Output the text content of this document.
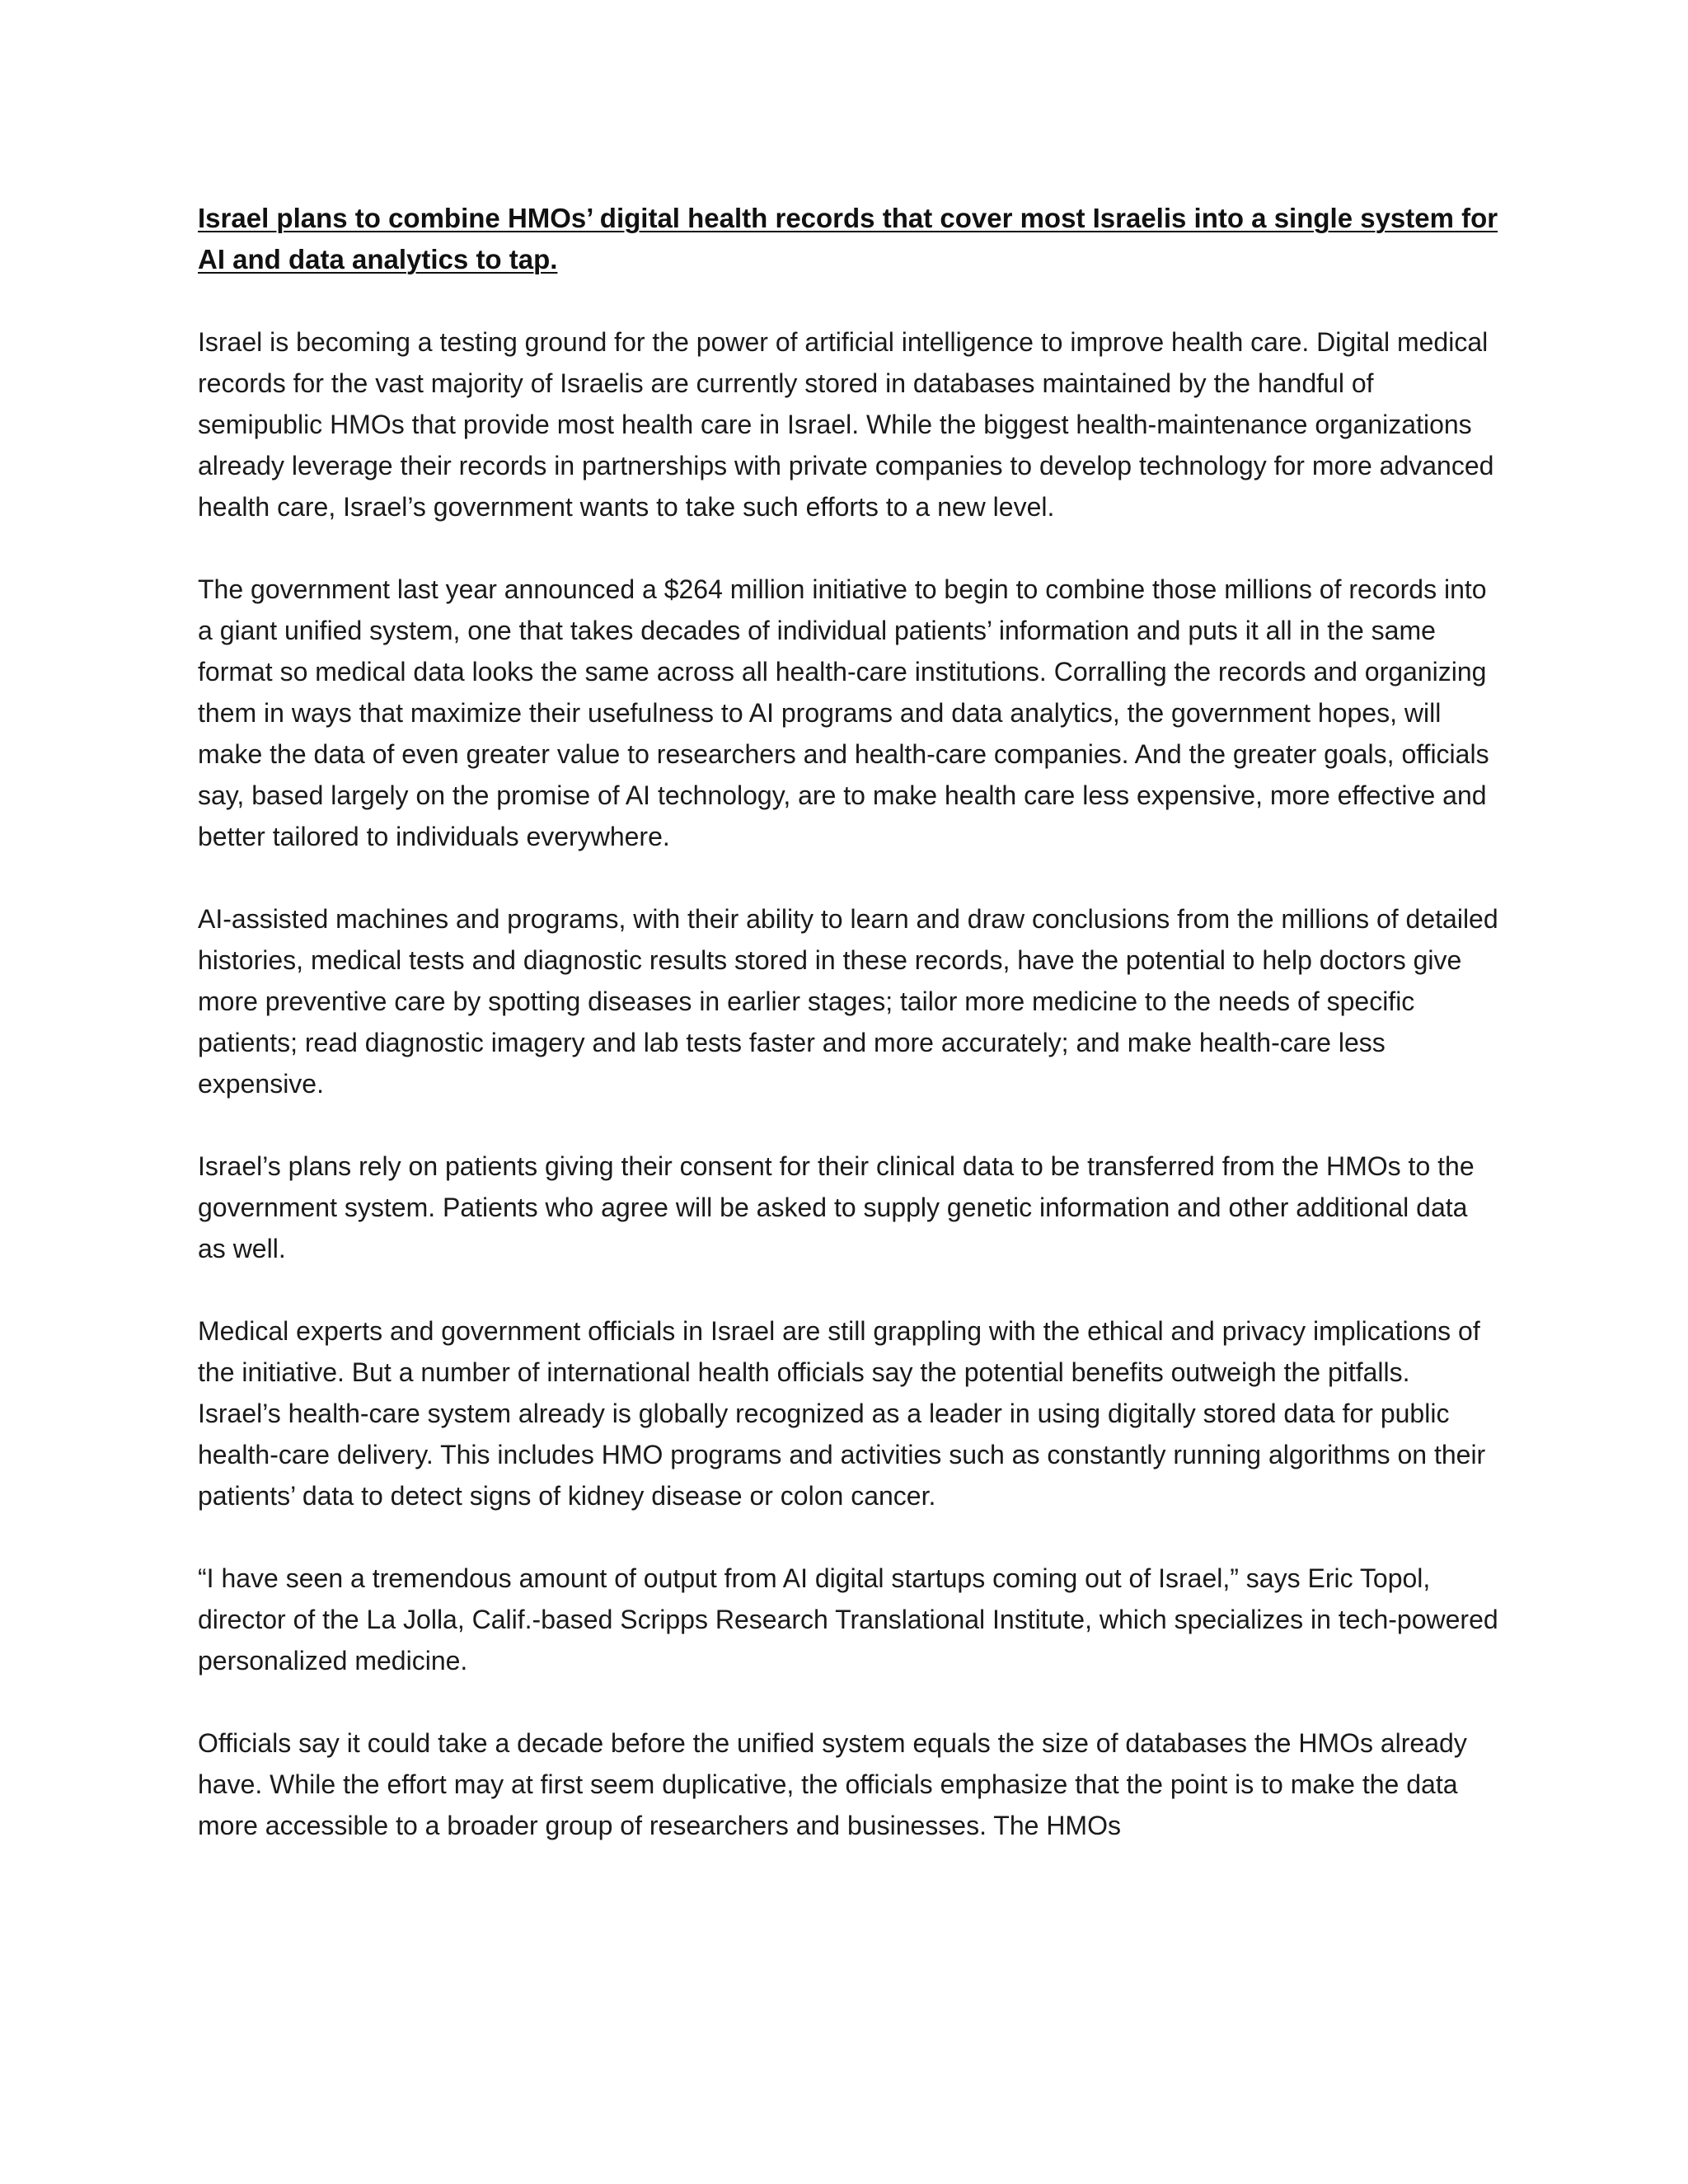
Israel plans to combine HMOs’ digital health records that cover most Israelis into a single system for AI and data analytics to tap.

Israel is becoming a testing ground for the power of artificial intelligence to improve health care. Digital medical records for the vast majority of Israelis are currently stored in databases maintained by the handful of semipublic HMOs that provide most health care in Israel. While the biggest health-maintenance organizations already leverage their records in partnerships with private companies to develop technology for more advanced health care, Israel’s government wants to take such efforts to a new level.

The government last year announced a $264 million initiative to begin to combine those millions of records into a giant unified system, one that takes decades of individual patients’ information and puts it all in the same format so medical data looks the same across all health-care institutions. Corralling the records and organizing them in ways that maximize their usefulness to AI programs and data analytics, the government hopes, will make the data of even greater value to researchers and health-care companies. And the greater goals, officials say, based largely on the promise of AI technology, are to make health care less expensive, more effective and better tailored to individuals everywhere.

AI-assisted machines and programs, with their ability to learn and draw conclusions from the millions of detailed histories, medical tests and diagnostic results stored in these records, have the potential to help doctors give more preventive care by spotting diseases in earlier stages; tailor more medicine to the needs of specific patients; read diagnostic imagery and lab tests faster and more accurately; and make health-care less expensive.

Israel’s plans rely on patients giving their consent for their clinical data to be transferred from the HMOs to the government system. Patients who agree will be asked to supply genetic information and other additional data as well.

Medical experts and government officials in Israel are still grappling with the ethical and privacy implications of the initiative. But a number of international health officials say the potential benefits outweigh the pitfalls. Israel’s health-care system already is globally recognized as a leader in using digitally stored data for public health-care delivery. This includes HMO programs and activities such as constantly running algorithms on their patients’ data to detect signs of kidney disease or colon cancer.

“I have seen a tremendous amount of output from AI digital startups coming out of Israel,” says Eric Topol, director of the La Jolla, Calif.-based Scripps Research Translational Institute, which specializes in tech-powered personalized medicine.

Officials say it could take a decade before the unified system equals the size of databases the HMOs already have. While the effort may at first seem duplicative, the officials emphasize that the point is to make the data more accessible to a broader group of researchers and businesses. The HMOs
